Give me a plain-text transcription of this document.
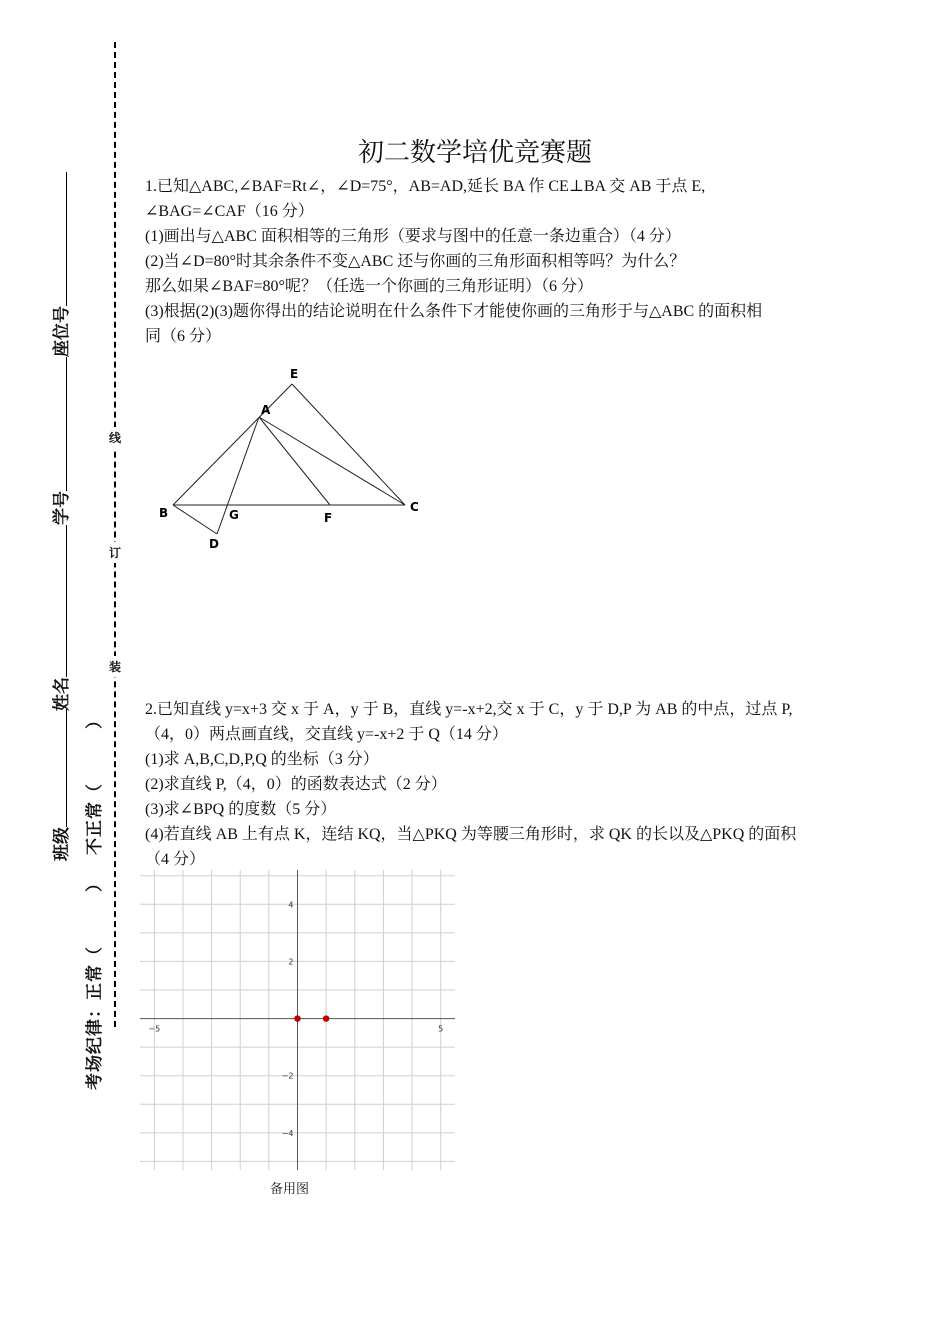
线
订
装
座位号
学号
姓名
班级 不正常（　　　）
考场纪律：正常（　　　）
初二数学培优竞赛题

1.已知△ABC,∠BAF=Rt∠，∠D=75°，AB=AD,延长 BA 作 CE⊥BA 交 AB 于点 E,

∠BAG=∠CAF（16 分）

(1)画出与△ABC 面积相等的三角形（要求与图中的任意一条边重合）（4 分）

(2)当∠D=80°时其余条件不变△ABC 还与你画的三角形面积相等吗？为什么？

那么如果∠BAF=80°呢？（任选一个你画的三角形证明）（6 分）

(3)根据(2)(3)题你得出的结论说明在什么条件下才能使你画的三角形于与△ABC 的面积相

同（6 分）

E
A
B	G	F
C
D

2.已知直线 y=x+3 交 x 于 A，y 于 B，直线 y=-x+2,交 x 于 C，y 于 D,P 为 AB 的中点，过点 P,

（4，0）两点画直线，交直线 y=-x+2 于 Q（14 分）

(1)求 A,B,C,D,P,Q 的坐标（3 分）

(2)求直线 P,（4，0）的函数表达式（2 分）

(3)求∠BPQ 的度数（5 分）

(4)若直线 AB 上有点 K，连结 KQ，当△PKQ 为等腰三角形时，求 QK 的长以及△PKQ 的面积

（4 分）

−5	5
4
2
−2
−4
备用图
